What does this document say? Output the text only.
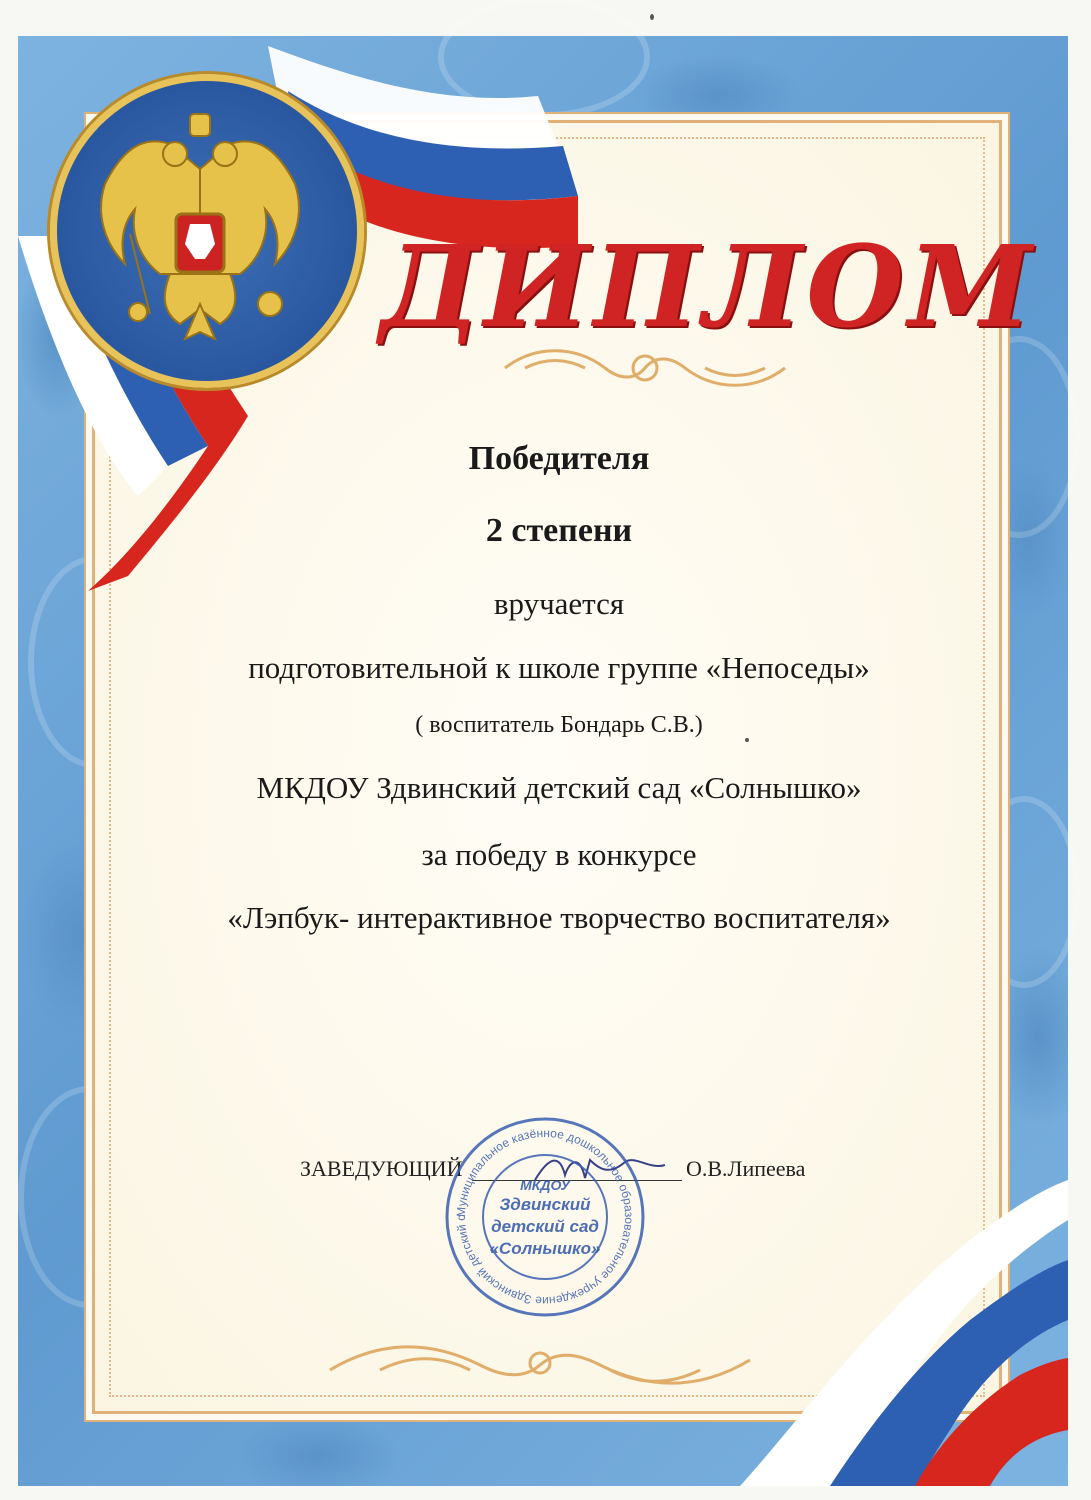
ДИПЛОМ
Победителя
2 степени
вручается
подготовительной к школе группе «Непоседы»
( воспитатель Бондарь С.В.)
МКДОУ Здвинский детский сад «Солнышко»
за победу в конкурсе
«Лэпбук- интерактивное творчество воспитателя»
ЗАВЕДУЮЩИЙ	О.В.Липеева
Муниципальное казённое дошкольное образовательное учреждение Здвинский детский с
МКДОУ
Здвинский
детский сад
«Солнышко»
